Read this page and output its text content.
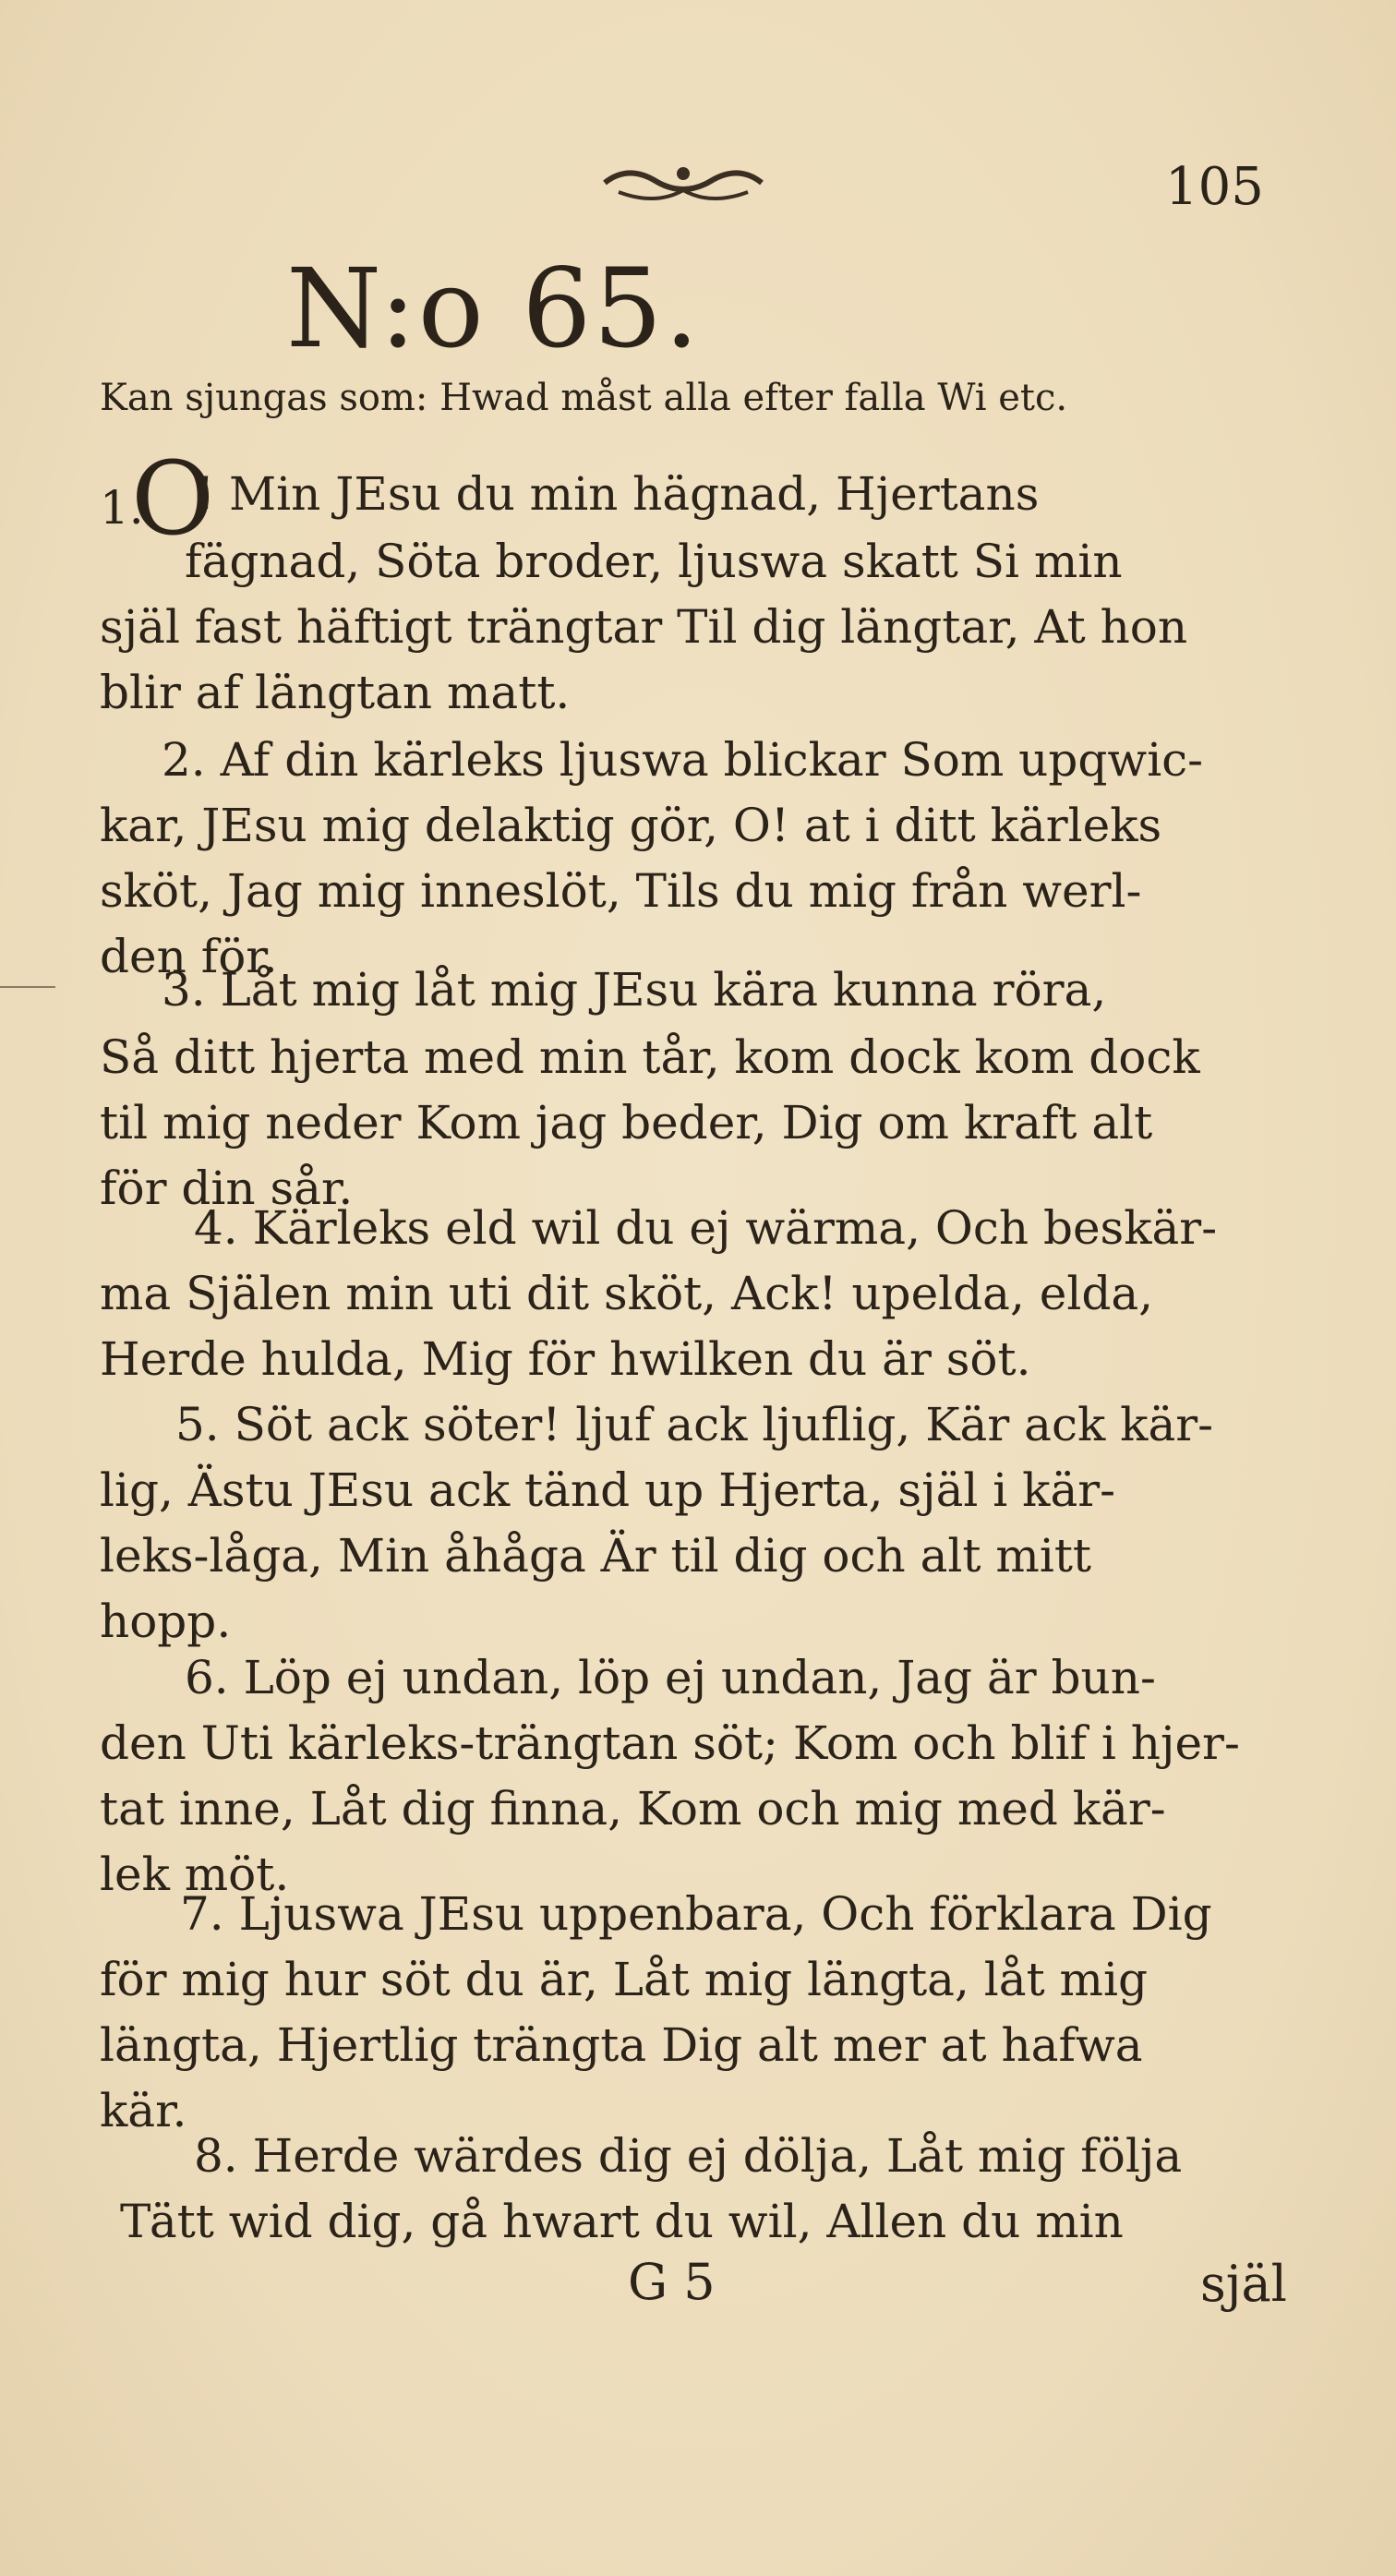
105
N:o 65.
Kan sjungas som: Hwad måst alla efter falla Wi etc.
O
1. ! Min JEsu du min hägnad, Hjertans
fägnad, Söta broder, ljuswa skatt Si min
själ fast häftigt trängtar Til dig längtar, At hon
blir af längtan matt.
2. Af din kärleks ljuswa blickar Som upqwic-
kar, JEsu mig delaktig gör, O! at i ditt kärleks
sköt, Jag mig inneslöt, Tils du mig från werl-
den för.
3. Låt mig låt mig JEsu kära kunna röra,
Så ditt hjerta med min tår, kom dock kom dock
til mig neder Kom jag beder, Dig om kraft alt
för din sår.
4. Kärleks eld wil du ej wärma, Och beskär-
ma Själen min uti dit sköt, Ack! upelda, elda,
Herde hulda, Mig för hwilken du är söt.
5. Söt ack söter! ljuf ack ljuflig, Kär ack kär-
lig, Ästu JEsu ack tänd up Hjerta, själ i kär-
leks-låga, Min åhåga Är til dig och alt mitt
hopp.
6. Löp ej undan, löp ej undan, Jag är bun-
den Uti kärleks-trängtan söt; Kom och blif i hjer-
tat inne, Låt dig finna, Kom och mig med kär-
lek möt.
7. Ljuswa JEsu uppenbara, Och förklara Dig
för mig hur söt du är, Låt mig längta, låt mig
längta, Hjertlig trängta Dig alt mer at hafwa
kär.
8. Herde wärdes dig ej dölja, Låt mig följa
Tätt wid dig, gå hwart du wil, Allen du min
G 5	själ
